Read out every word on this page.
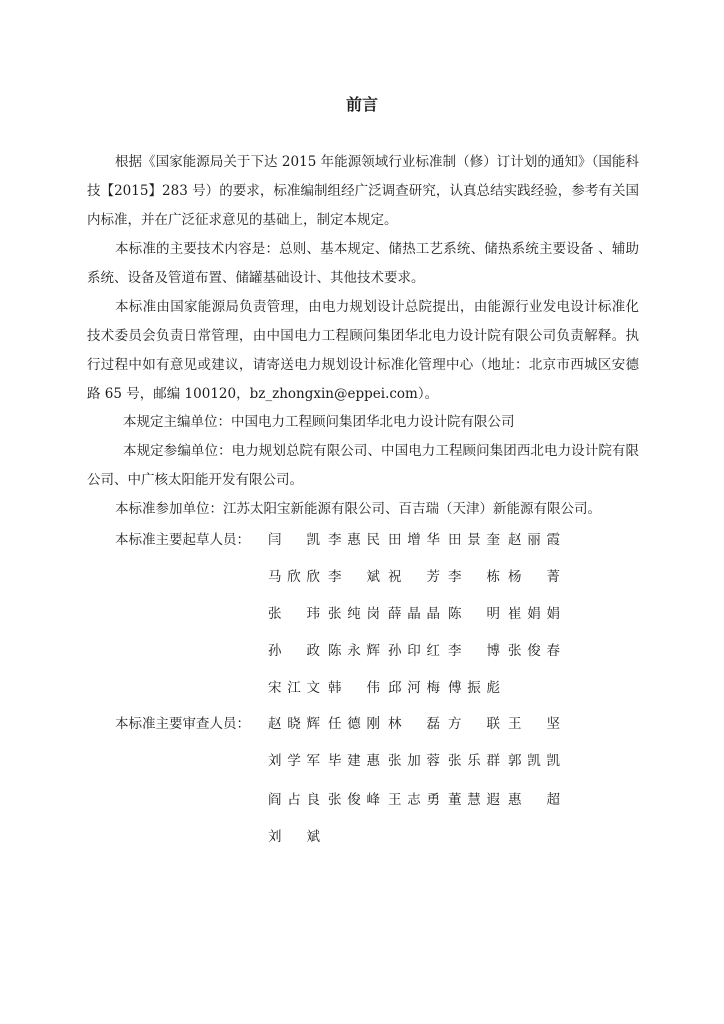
前言

根据《国家能源局关于下达 2015 年能源领域行业标准制（修）订计划的通知》（国能科技【2015】283 号）的要求，标准编制组经广泛调查研究，认真总结实践经验，参考有关国内标准，并在广泛征求意见的基础上，制定本规定。

本标准的主要技术内容是：总则、基本规定、储热工艺系统、储热系统主要设备 、辅助系统、设备及管道布置、储罐基础设计、其他技术要求。

本标准由国家能源局负责管理，由电力规划设计总院提出，由能源行业发电设计标准化技术委员会负责日常管理，由中国电力工程顾问集团华北电力设计院有限公司负责解释。执行过程中如有意见或建议，请寄送电力规划设计标准化管理中心（地址：北京市西城区安德路 65 号，邮编 100120，bz_zhongxin@eppei.com）。

本规定主编单位：中国电力工程顾问集团华北电力设计院有限公司

本规定参编单位：电力规划总院有限公司、中国电力工程顾问集团西北电力设计院有限公司、中广核太阳能开发有限公司。

本标准参加单位：江苏太阳宝新能源有限公司、百吉瑞（天津）新能源有限公司。

本标准主要起草人员： 闫凯 李惠民 田增华 田景奎 赵丽霞
马欣欣 李斌 祝芳 李栋 杨菁
张玮 张纯岗 薛晶晶 陈明 崔娟娟
孙政 陈永辉 孙印红 李博 张俊春
宋江文 韩伟 邱河梅 傅振彪
本标准主要审查人员： 赵晓辉 任德刚 林磊 方联 王坚
刘学军 毕建惠 张加蓉 张乐群 郭凯凯
阎占良 张俊峰 王志勇 董慧遐 惠超
刘斌
